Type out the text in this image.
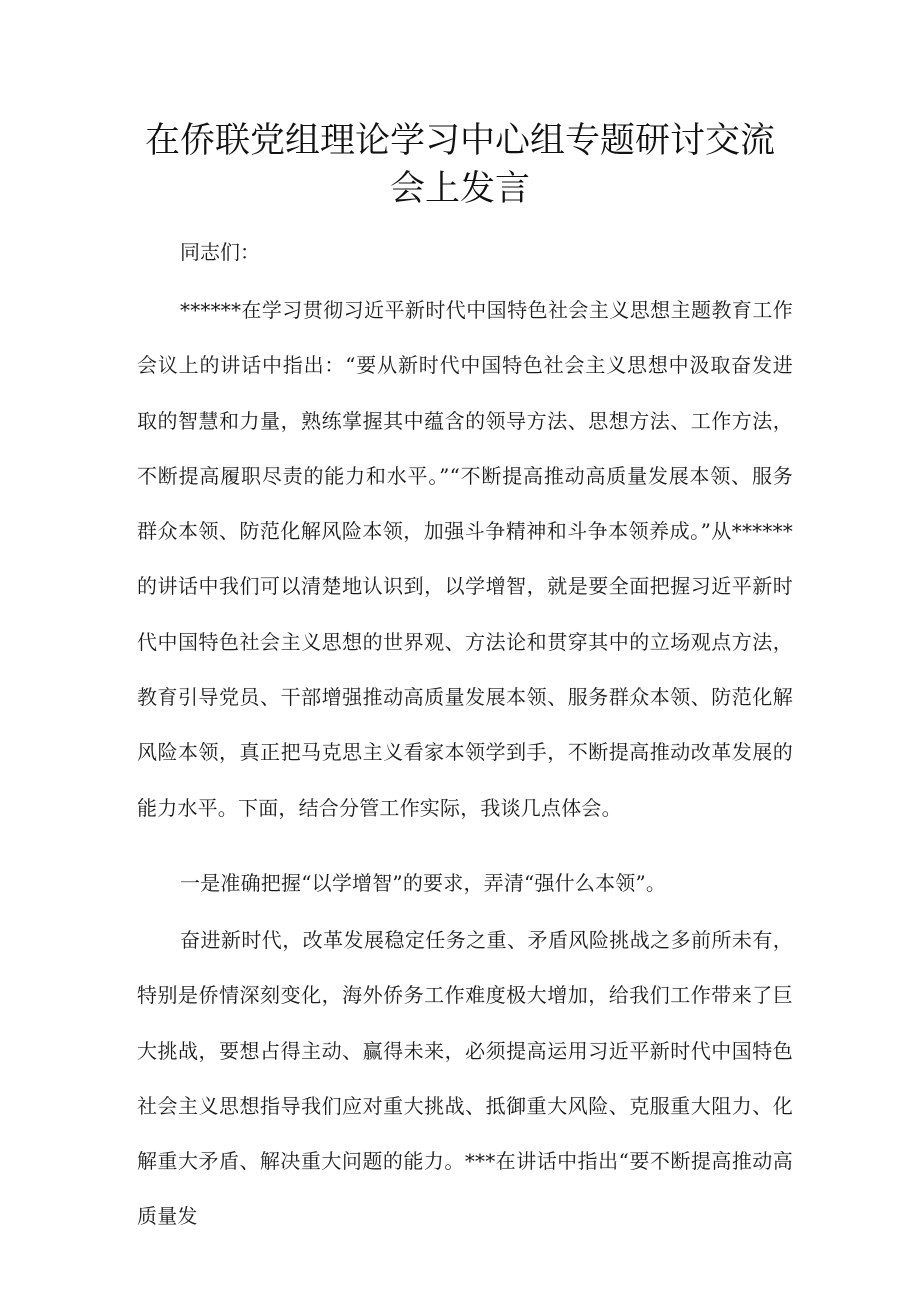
在侨联党组理论学习中心组专题研讨交流
会上发言
同志们：

******在学习贯彻习近平新时代中国特色社会主义思想主题教育工作会议上的讲话中指出：“要从新时代中国特色社会主义思想中汲取奋发进取的智慧和力量，熟练掌握其中蕴含的领导方法、思想方法、工作方法，不断提高履职尽责的能力和水平。”“不断提高推动高质量发展本领、服务群众本领、防范化解风险本领，加强斗争精神和斗争本领养成。”从******的讲话中我们可以清楚地认识到，以学增智，就是要全面把握习近平新时代中国特色社会主义思想的世界观、方法论和贯穿其中的立场观点方法，教育引导党员、干部增强推动高质量发展本领、服务群众本领、防范化解风险本领，真正把马克思主义看家本领学到手，不断提高推动改革发展的能力水平。下面，结合分管工作实际，我谈几点体会。

一是准确把握“以学增智”的要求，弄清“强什么本领”。

奋进新时代，改革发展稳定任务之重、矛盾风险挑战之多前所未有，特别是侨情深刻变化，海外侨务工作难度极大增加，给我们工作带来了巨大挑战，要想占得主动、赢得未来，必须提高运用习近平新时代中国特色社会主义思想指导我们应对重大挑战、抵御重大风险、克服重大阻力、化解重大矛盾、解决重大问题的能力。***在讲话中指出“要不断提高推动高质量发
